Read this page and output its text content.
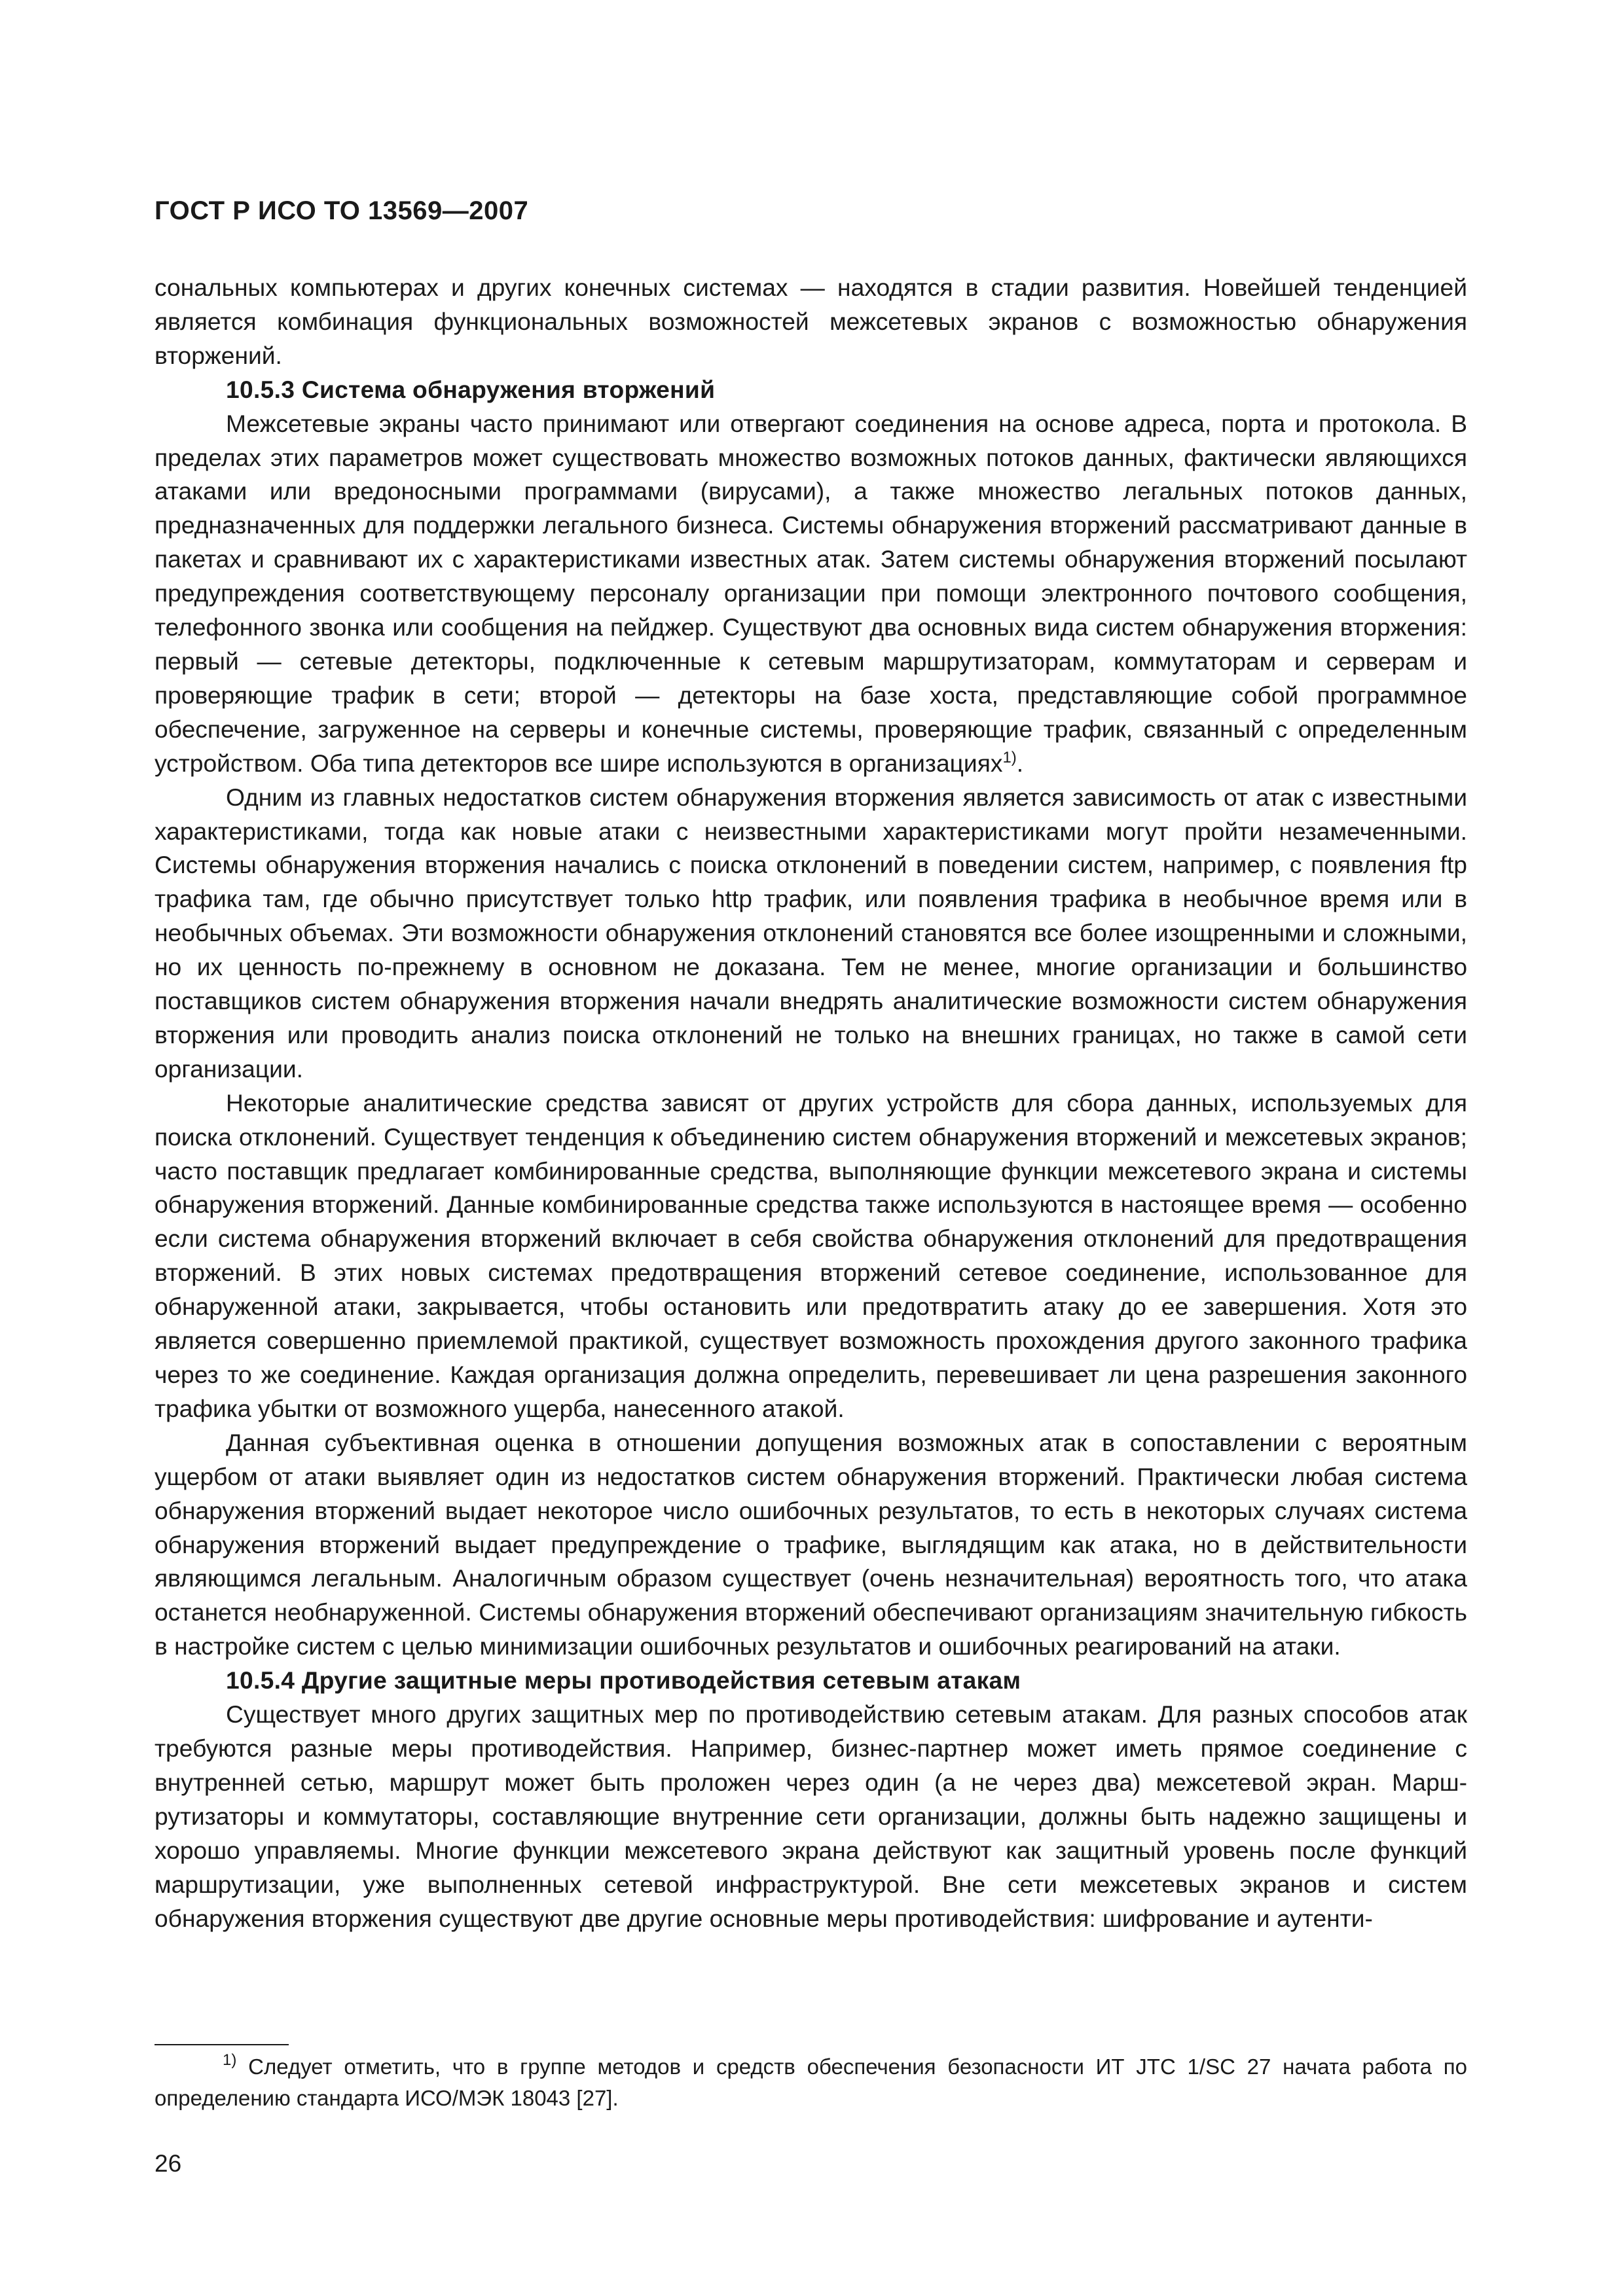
ГОСТ Р ИСО ТО 13569—2007

сональных компьютерах и других конечных системах — находятся в стадии развития. Новейшей тенденцией является комбинация функциональных возможностей межсетевых экранов с возможностью обнаружения вторжений.

10.5.3 Система обнаружения вторжений

Межсетевые экраны часто принимают или отвергают соединения на основе адреса, порта и протокола. В пределах этих параметров может существовать множество возможных потоков данных, фактически являющихся атаками или вредоносными программами (вирусами), а также множество легальных потоков данных, предназначенных для поддержки легального бизнеса. Системы обнаружения вторжений рассматривают данные в пакетах и сравнивают их с характеристиками известных атак. Затем системы обнаружения вторжений посылают предупреждения соответствующему персоналу организации при помощи электронного почтового сообщения, телефонного звонка или сообщения на пейджер. Существуют два основных вида систем обнаружения вторжения: первый — сетевые детекторы, подключенные к сетевым маршрутизаторам, коммутаторам и серверам и проверяющие трафик в сети; второй — детекторы на базе хоста, представляющие собой программное обеспечение, загруженное на серверы и конечные системы, проверяющие трафик, связанный с определенным устройством. Оба типа детекторов все шире используются в организациях$^{1)}$.

Одним из главных недостатков систем обнаружения вторжения является зависимость от атак с известными характеристиками, тогда как новые атаки с неизвестными характеристиками могут пройти незамеченными. Системы обнаружения вторжения начались с поиска отклонений в поведении систем, например, с появления ftp трафика там, где обычно присутствует только http трафик, или появления трафика в необычное время или в необычных объемах. Эти возможности обнаружения отклонений становятся все более изощренными и сложными, но их ценность по-прежнему в основном не доказана. Тем не менее, многие организации и большинство поставщиков систем обнаружения вторжения начали внедрять аналитические возможности систем обнаружения вторжения или проводить анализ поиска отклонений не только на внешних границах, но также в самой сети организации.

Некоторые аналитические средства зависят от других устройств для сбора данных, используемых для поиска отклонений. Существует тенденция к объединению систем обнаружения вторжений и межсетевых экранов; часто поставщик предлагает комбинированные средства, выполняющие функции межсетевого экрана и системы обнаружения вторжений. Данные комбинированные средства также используются в настоящее время — особенно если система обнаружения вторжений включает в себя свойства обнаружения отклонений для предотвращения вторжений. В этих новых системах предотвращения вторжений сетевое соединение, использованное для обнаруженной атаки, закрывается, чтобы остановить или предотвратить атаку до ее завершения. Хотя это является совершенно приемлемой практикой, существует возможность прохождения другого законного трафика через то же соединение. Каждая организация должна определить, перевешивает ли цена разрешения законного трафика убытки от возможного ущерба, нанесенного атакой.

Данная субъективная оценка в отношении допущения возможных атак в сопоставлении с вероятным ущербом от атаки выявляет один из недостатков систем обнаружения вторжений. Практически любая система обнаружения вторжений выдает некоторое число ошибочных результатов, то есть в некоторых случаях система обнаружения вторжений выдает предупреждение о трафике, выглядящим как атака, но в действительности являющимся легальным. Аналогичным образом существует (очень незначительная) вероятность того, что атака останется необнаруженной. Системы обнаружения вторжений обеспечивают организациям значительную гибкость в настройке систем с целью минимизации ошибочных результатов и ошибочных реагирований на атаки.

10.5.4 Другие защитные меры противодействия сетевым атакам

Существует много других защитных мер по противодействию сетевым атакам. Для разных способов атак требуются разные меры противодействия. Например, бизнес-партнер может иметь прямое соединение с внутренней сетью, маршрут может быть проложен через один (а не через два) межсетевой экран. Маршрутизаторы и коммутаторы, составляющие внутренние сети организации, должны быть надежно защищены и хорошо управляемы. Многие функции межсетевого экрана действуют как защитный уровень после функций маршрутизации, уже выполненных сетевой инфраструктурой. Вне сети межсетевых экранов и систем обнаружения вторжения существуют две другие основные меры противодействия: шифрование и аутенти-

$^{1)}$ Следует отметить, что в группе методов и средств обеспечения безопасности ИТ JTC 1/SC 27 начата работа по определению стандарта ИСО/МЭК 18043 [27].
26
